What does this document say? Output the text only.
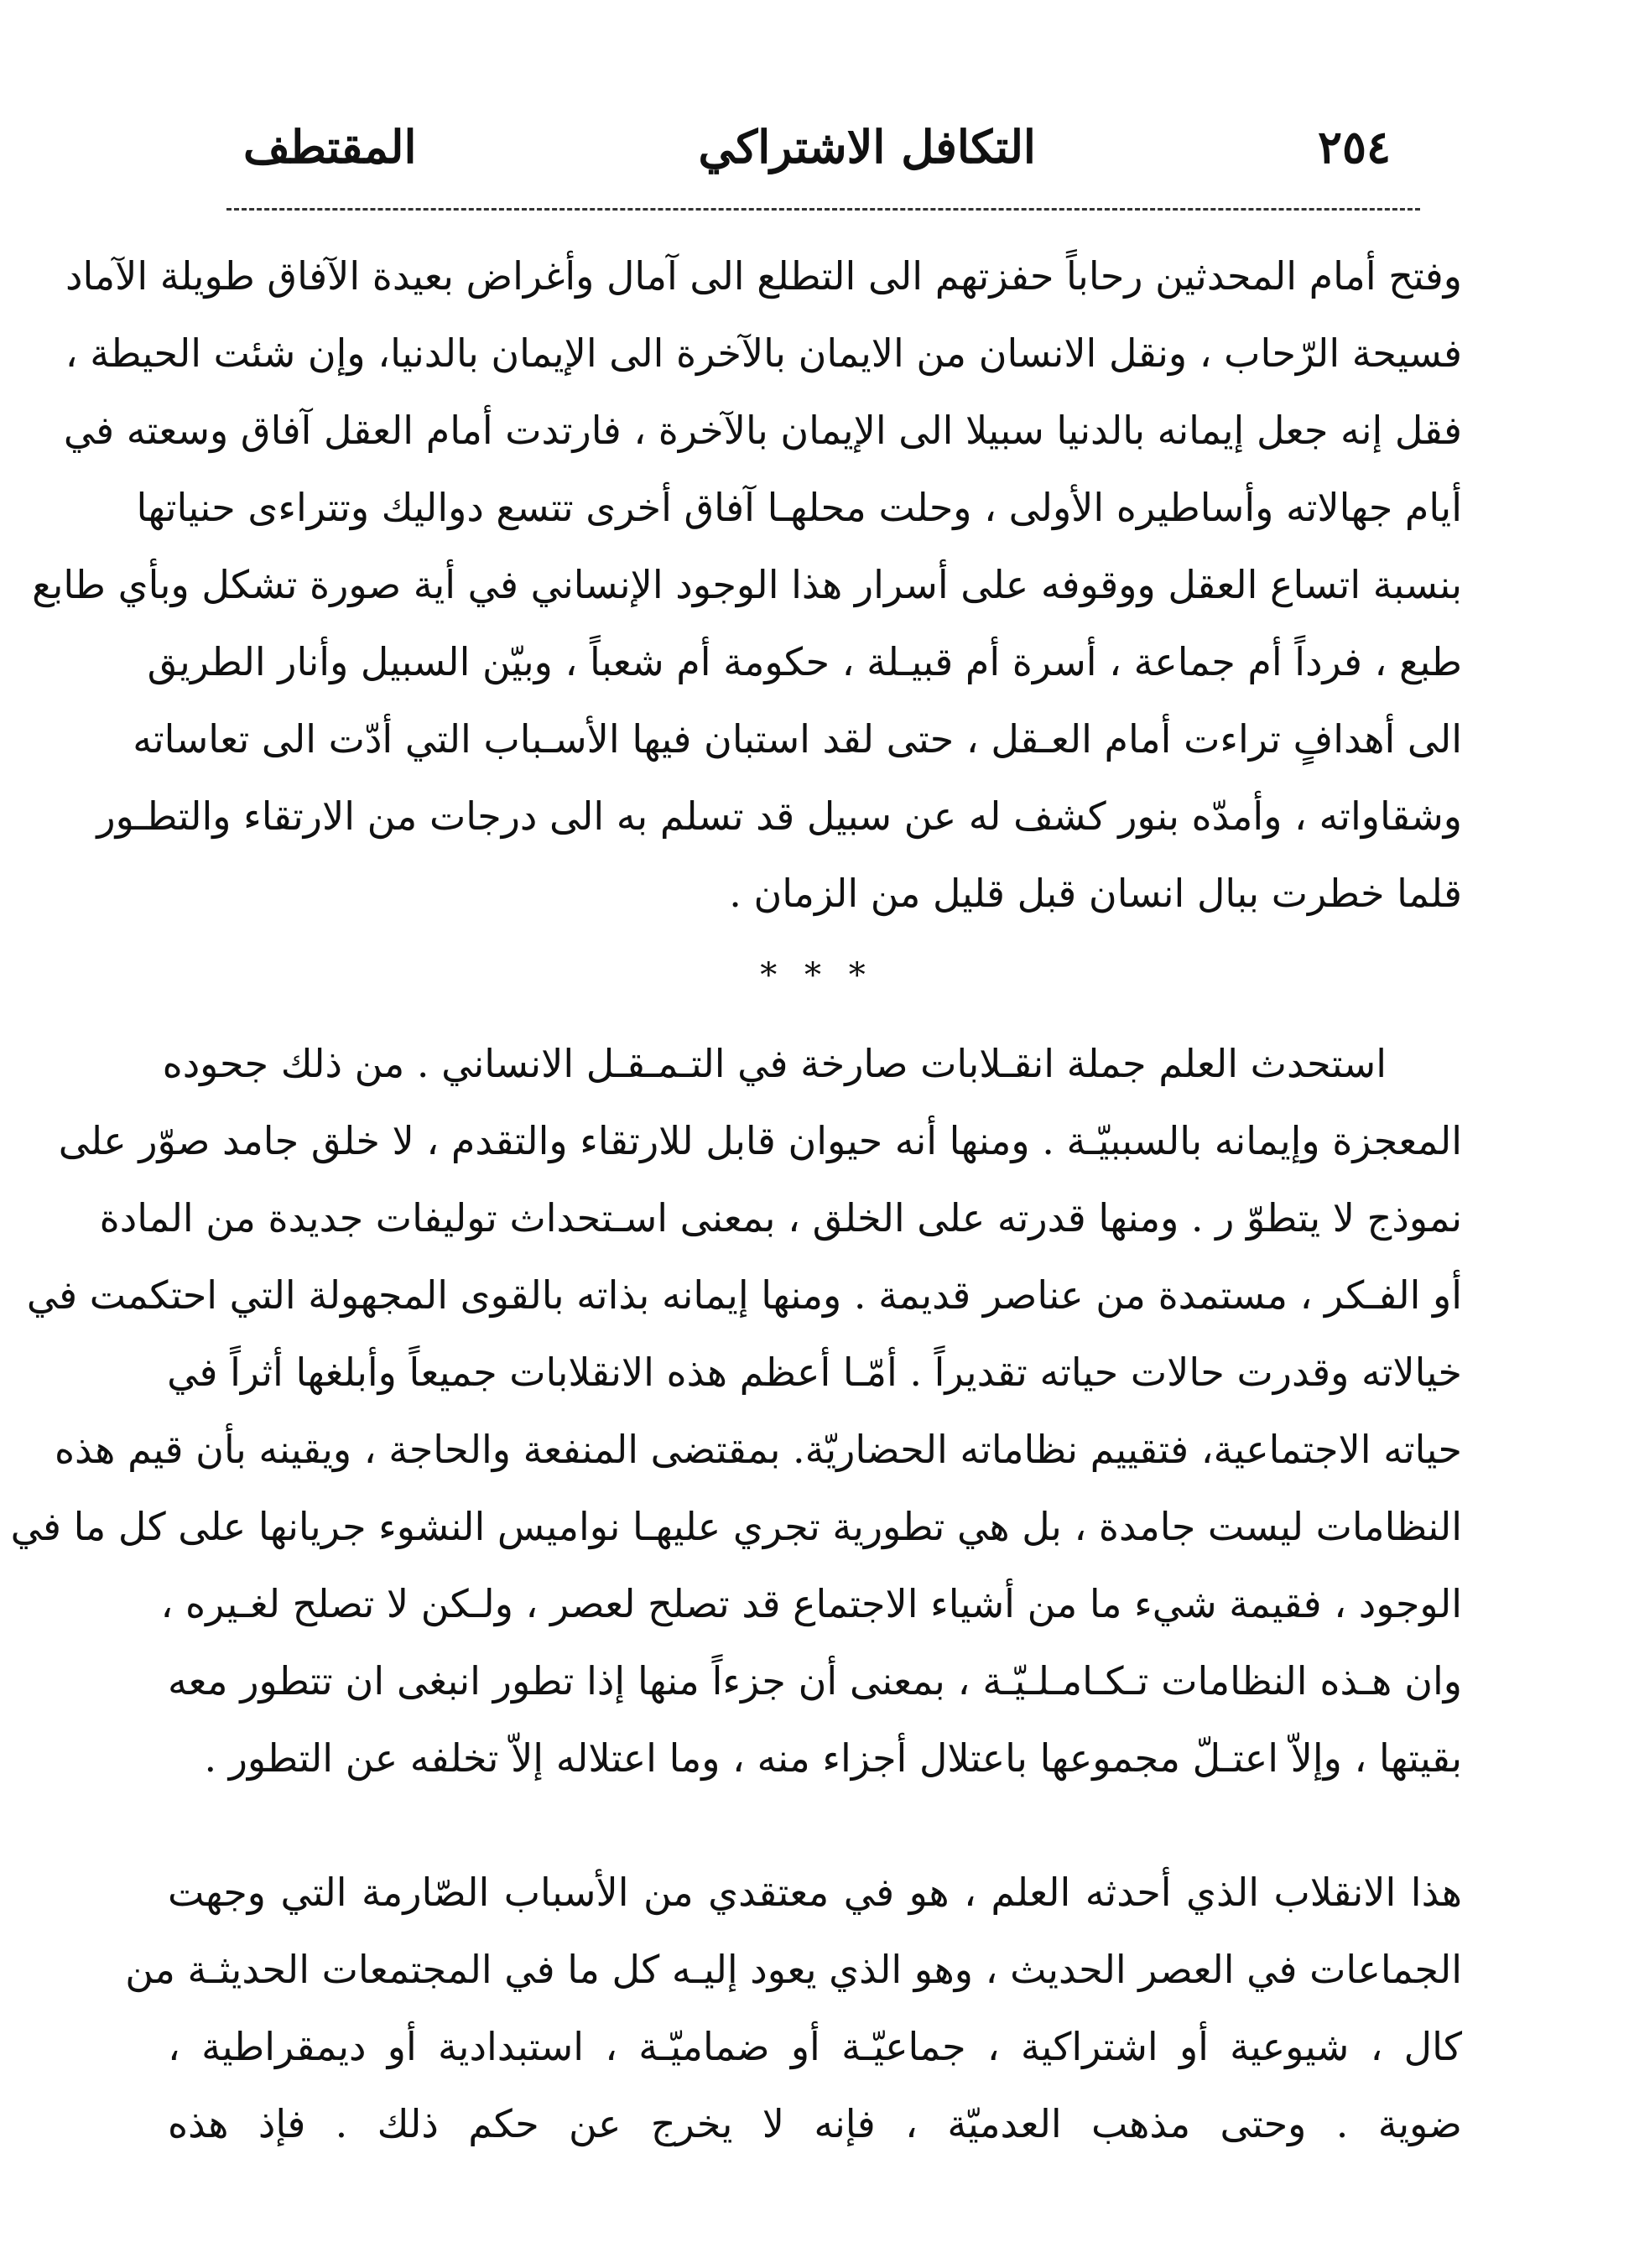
٢٥٤
التكافل الاشتراكي
المقتطف
وفتح أمام المحدثين رحاباً حفزتهم الى التطلع الى آمال وأغراض بعيدة الآفاق طويلة الآماد
فسيحة الرّحاب ، ونقل الانسان من الايمان بالآخرة الى الإيمان بالدنيا، وإن شئت الحيطة ،
فقل إنه جعل إيمانه بالدنيا سبيلا الى الإيمان بالآخرة ، فارتدت أمام العقل آفاق وسعته في
أيام جهالاته وأساطيره الأولى ، وحلت محلهـا آفاق أخرى تتسع دواليك وتتراءى حنياتها
بنسبة اتساع العقل ووقوفه على أسرار هذا الوجود الإنساني في أية صورة تشكل وبأي طابع
طبع ، فرداً أم جماعة ، أسرة أم قبيـلة ، حكومة أم شعباً ، وبيّن السبيل وأنار الطريق
الى أهدافٍ تراءت أمام العـقل ، حتى لقد استبان فيها الأسـباب التي أدّت الى تعاساته
وشقاواته ، وأمدّه بنور كشف له عن سبيل قد تسلم به الى درجات من الارتقاء والتطـور
قلما خطرت ببال انسان قبل قليل من الزمان .
* * *
استحدث العلم جملة انقـلابات صارخة في التـمـقـل الانساني . من ذلك جحوده
المعجزة وإيمانه بالسببيّـة . ومنها أنه حيوان قابل للارتقاء والتقدم ، لا خلق جامد صوّر على
نموذج لا يتطوّ ر . ومنها قدرته على الخلق ، بمعنى اسـتحداث توليفات جديدة من المادة
أو الفـكر ، مستمدة من عناصر قديمة . ومنها إيمانه بذاته بالقوى المجهولة التي احتكمت في
خيالاته وقدرت حالات حياته تقديراً . أمّـا أعظم هذه الانقلابات جميعاً وأبلغها أثراً في
حياته الاجتماعية، فتقييم نظاماته الحضاريّة. بمقتضى المنفعة والحاجة ، ويقينه بأن قيم هذه
النظامات ليست جامدة ، بل هي تطورية تجري عليهـا نواميس النشوء جريانها على كل ما في
الوجود ، فقيمة شيء ما من أشياء الاجتماع قد تصلح لعصر ، ولـكن لا تصلح لغـيره ،
وان هـذه النظامات تـكـامـلـيّـة ، بمعنى أن جزءاً منها إذا تطور انبغى ان تتطور معه
بقيتها ، وإلاّ اعتـلّ مجموعها باعتلال أجزاء منه ، وما اعتلاله إلاّ تخلفه عن التطور .
هذا الانقلاب الذي أحدثه العلم ، هو في معتقدي من الأسباب الصّارمة التي وجهت
الجماعات في العصر الحديث ، وهو الذي يعود إليـه كل ما في المجتمعات الحديثـة من
كال ، شيوعية أو اشتراكية ، جماعيّـة أو ضماميّـة ، استبدادية أو ديمقراطية ،
ضوية . وحتى مذهب العدميّة ، فإنه لا يخرج عن حكم ذلك . فإذ هذه
